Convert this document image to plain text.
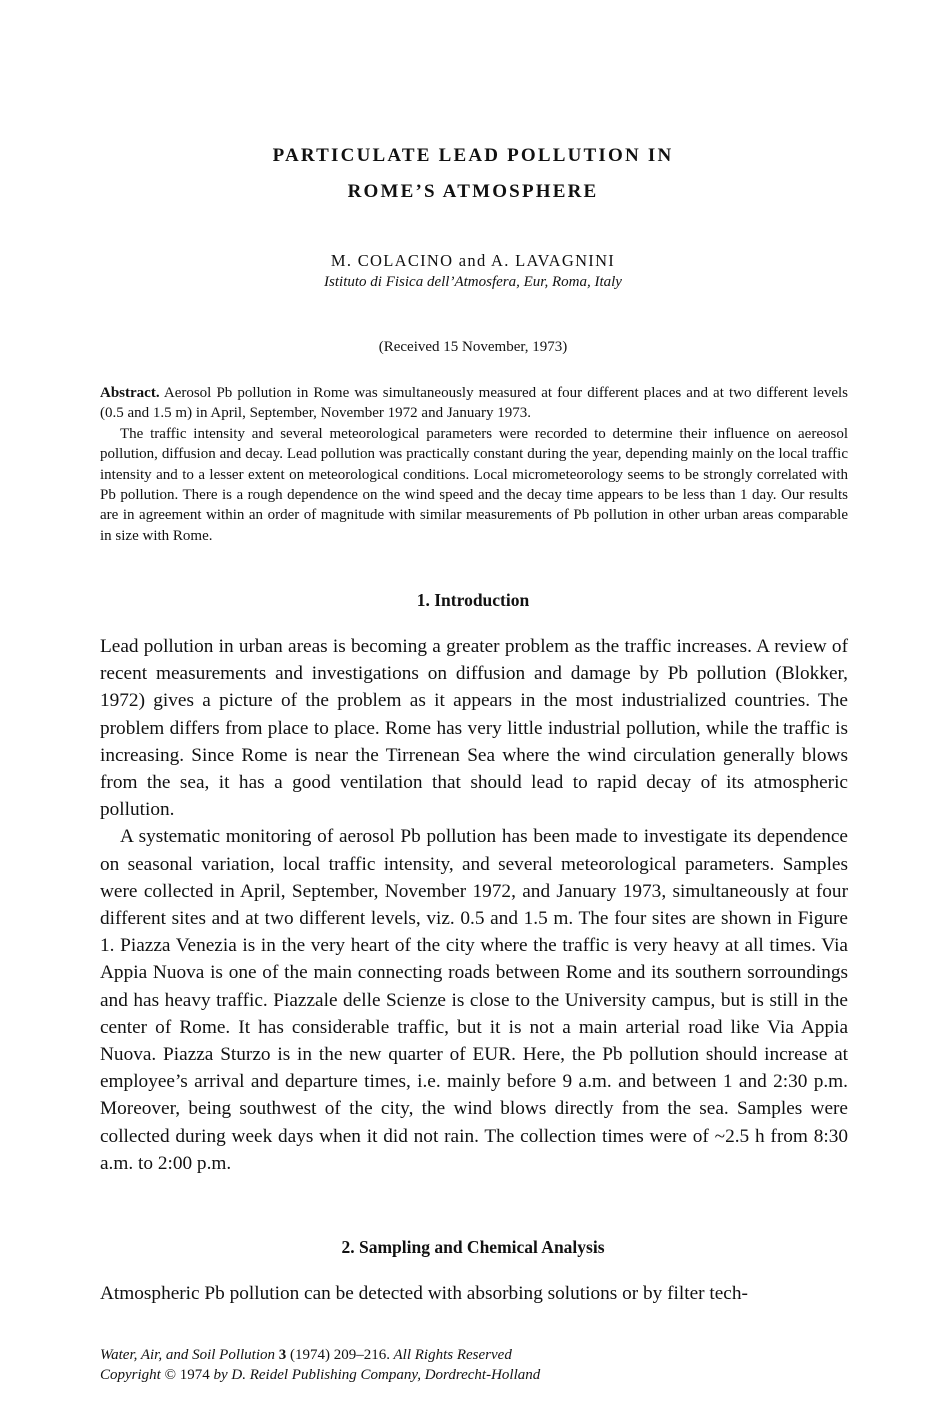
PARTICULATE LEAD POLLUTION IN
ROME’S ATMOSPHERE
M. COLACINO and A. LAVAGNINI
Istituto di Fisica dell’Atmosfera, Eur, Roma, Italy
(Received 15 November, 1973)

Abstract. Aerosol Pb pollution in Rome was simultaneously measured at four different places and at two different levels (0.5 and 1.5 m) in April, September, November 1972 and January 1973.

The traffic intensity and several meteorological parameters were recorded to determine their influence on aereosol pollution, diffusion and decay. Lead pollution was practically constant during the year, depending mainly on the local traffic intensity and to a lesser extent on meteorological conditions. Local micrometeorology seems to be strongly correlated with Pb pollution. There is a rough dependence on the wind speed and the decay time appears to be less than 1 day. Our results are in agreement within an order of magnitude with similar measurements of Pb pollution in other urban areas comparable in size with Rome.

1. Introduction

Lead pollution in urban areas is becoming a greater problem as the traffic increases. A review of recent measurements and investigations on diffusion and damage by Pb pollution (Blokker, 1972) gives a picture of the problem as it appears in the most industrialized countries. The problem differs from place to place. Rome has very little industrial pollution, while the traffic is increasing. Since Rome is near the Tirrenean Sea where the wind circulation generally blows from the sea, it has a good ventilation that should lead to rapid decay of its atmospheric pollution.

A systematic monitoring of aerosol Pb pollution has been made to investigate its dependence on seasonal variation, local traffic intensity, and several meteorological parameters. Samples were collected in April, September, November 1972, and January 1973, simultaneously at four different sites and at two different levels, viz. 0.5 and 1.5 m. The four sites are shown in Figure 1. Piazza Venezia is in the very heart of the city where the traffic is very heavy at all times. Via Appia Nuova is one of the main connecting roads between Rome and its southern sorroundings and has heavy traffic. Piazzale delle Scienze is close to the University campus, but is still in the center of Rome. It has considerable traffic, but it is not a main arterial road like Via Appia Nuova. Piazza Sturzo is in the new quarter of EUR. Here, the Pb pollution should increase at employee’s arrival and departure times, i.e. mainly before 9 a.m. and between 1 and 2:30 p.m. Moreover, being southwest of the city, the wind blows directly from the sea. Samples were collected during week days when it did not rain. The collection times were of ~2.5 h from 8:30 a.m. to 2:00 p.m.

2. Sampling and Chemical Analysis

Atmospheric Pb pollution can be detected with absorbing solutions or by filter tech-

Water, Air, and Soil Pollution 3 (1974) 209–216. All Rights Reserved
Copyright © 1974 by D. Reidel Publishing Company, Dordrecht-Holland
